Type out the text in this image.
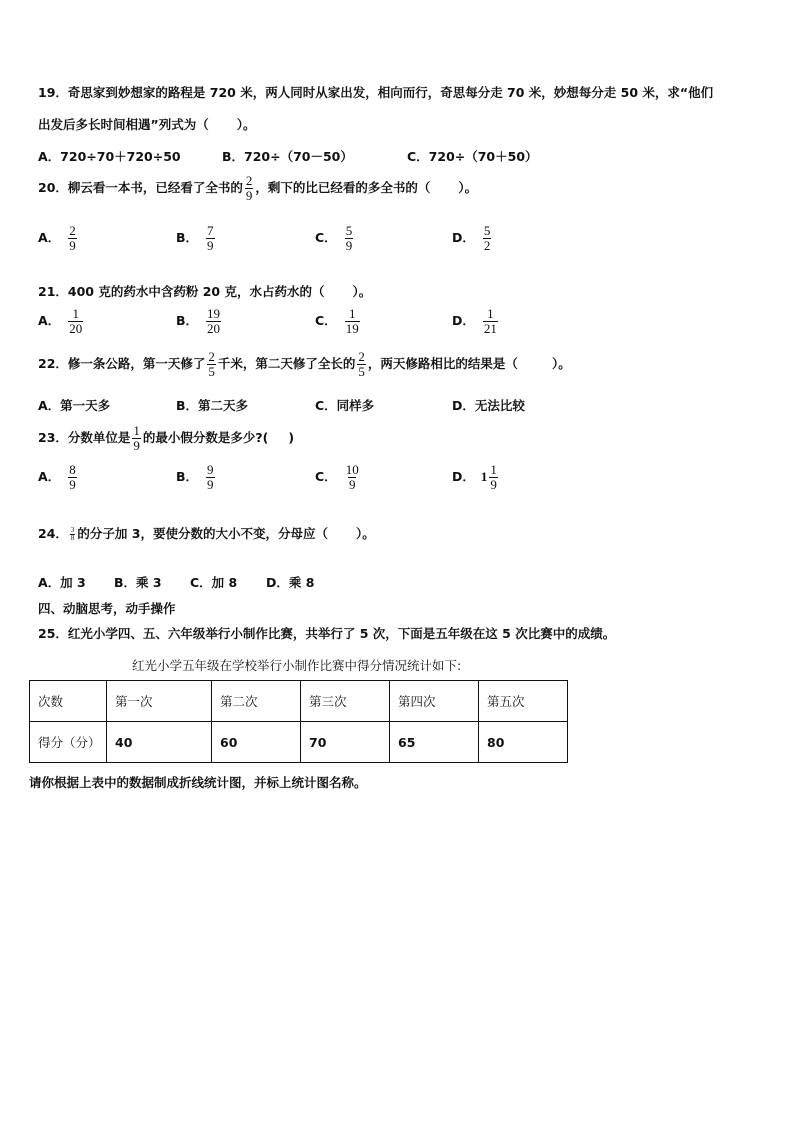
19．奇思家到妙想家的路程是 720 米，两人同时从家出发，相向而行，奇思每分走 70 米，妙想每分走 50 米，求“他们
出发后多长时间相遇”列式为（ ）。
A．720÷70＋720÷50	B．720÷（70－50）	C．720÷（70＋50）
20．柳云看一本书，已经看了全书的 $\frac{2}{9}$ ，剩下的比已经看的多全书的（ ）。
A． $\frac{2}{9}$	B． $\frac{7}{9}$	C． $\frac{5}{9}$	D． $\frac{5}{2}$
21．400 克的药水中含药粉 20 克，水占药水的（ ）。
A． $\frac{1}{20}$	B． $\frac{19}{20}$	C． $\frac{1}{19}$	D． $\frac{1}{21}$
22．修一条公路，第一天修了 $\frac{2}{5}$ 千米，第二天修了全长的 $\frac{2}{5}$ ，两天修路相比的结果是（	）。
A．第一天多	B．第二天多	C．同样多	D．无法比较
23．分数单位是 $\frac{1}{9}$ 的最小假分数是多少?( )
A． $\frac{8}{9}$	B． $\frac{9}{9}$	C． $\frac{10}{9}$	D． $1 \frac{1}{9}$
24． $\frac{3}{8}$ 的分子加 3，要使分数的大小不变，分母应（ ）。
A．加 3 B．乘 3 C．加 8 D．乘 8
四、动脑思考，动手操作
25．红光小学四、五、六年级举行小制作比赛，共举行了 5 次，下面是五年级在这 5 次比赛中的成绩。
红光小学五年级在学校举行小制作比赛中得分情况统计如下:
次数	第一次	第二次	第三次	第四次	第五次
得分（分）	40	60	70	65	80
请你根据上表中的数据制成折线统计图，并标上统计图名称。
